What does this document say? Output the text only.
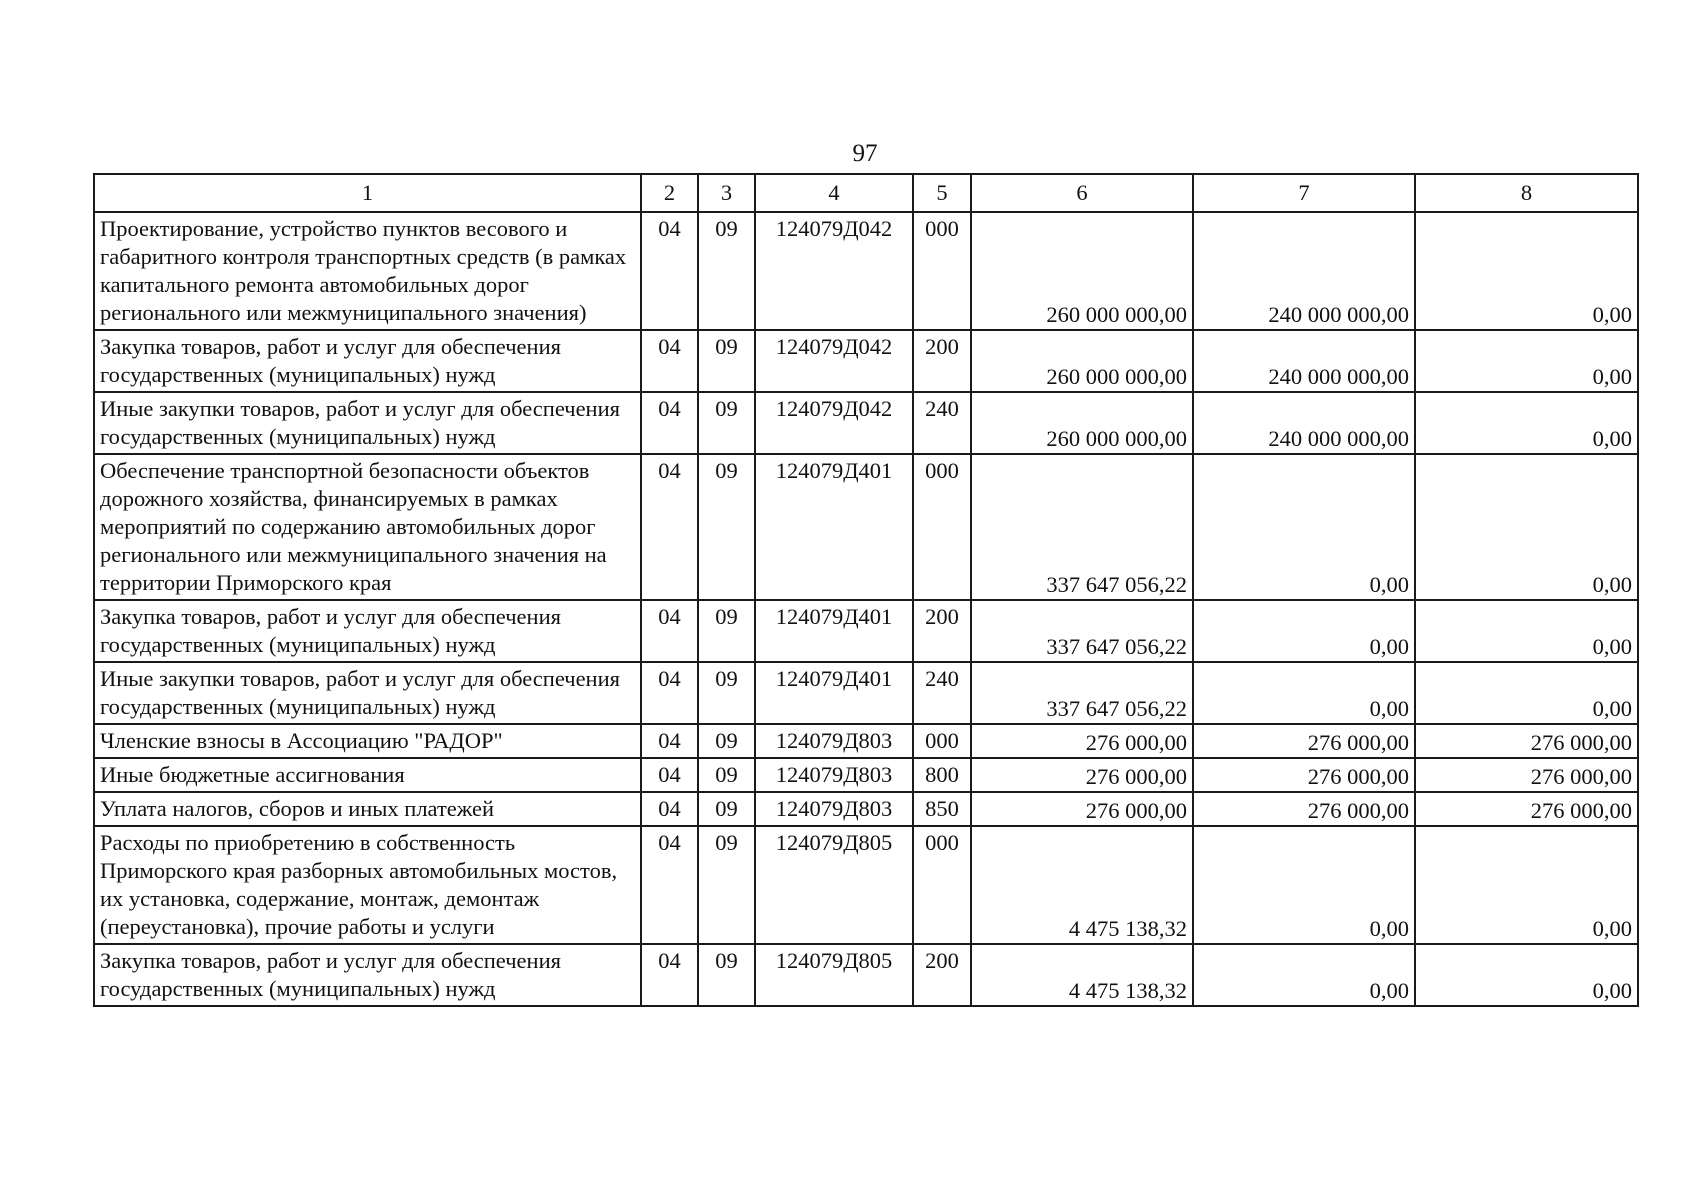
97
1	2	3	4	5	6	7	8
Проектирование, устройство пунктов весового и габаритного контроля транспортных средств (в рамках капитального ремонта автомобильных дорог регионального или межмуниципального значения)	04	09	124079Д042	000	260 000 000,00	240 000 000,00	0,00
Закупка товаров, работ и услуг для обеспечения государственных (муниципальных) нужд	04	09	124079Д042	200	260 000 000,00	240 000 000,00	0,00
Иные закупки товаров, работ и услуг для обеспечения государственных (муниципальных) нужд	04	09	124079Д042	240	260 000 000,00	240 000 000,00	0,00
Обеспечение транспортной безопасности объектов дорожного хозяйства, финансируемых в рамках мероприятий по содержанию автомобильных дорог регионального или межмуниципального значения на территории Приморского края	04	09	124079Д401	000	337 647 056,22	0,00	0,00
Закупка товаров, работ и услуг для обеспечения государственных (муниципальных) нужд	04	09	124079Д401	200	337 647 056,22	0,00	0,00
Иные закупки товаров, работ и услуг для обеспечения государственных (муниципальных) нужд	04	09	124079Д401	240	337 647 056,22	0,00	0,00
Членские взносы в Ассоциацию "РАДОР"	04	09	124079Д803	000	276 000,00	276 000,00	276 000,00
Иные бюджетные ассигнования	04	09	124079Д803	800	276 000,00	276 000,00	276 000,00
Уплата налогов, сборов и иных платежей	04	09	124079Д803	850	276 000,00	276 000,00	276 000,00
Расходы по приобретению в собственность Приморского края разборных автомобильных мостов, их установка, содержание, монтаж, демонтаж (переустановка), прочие работы и услуги	04	09	124079Д805	000	4 475 138,32	0,00	0,00
Закупка товаров, работ и услуг для обеспечения государственных (муниципальных) нужд	04	09	124079Д805	200	4 475 138,32	0,00	0,00
